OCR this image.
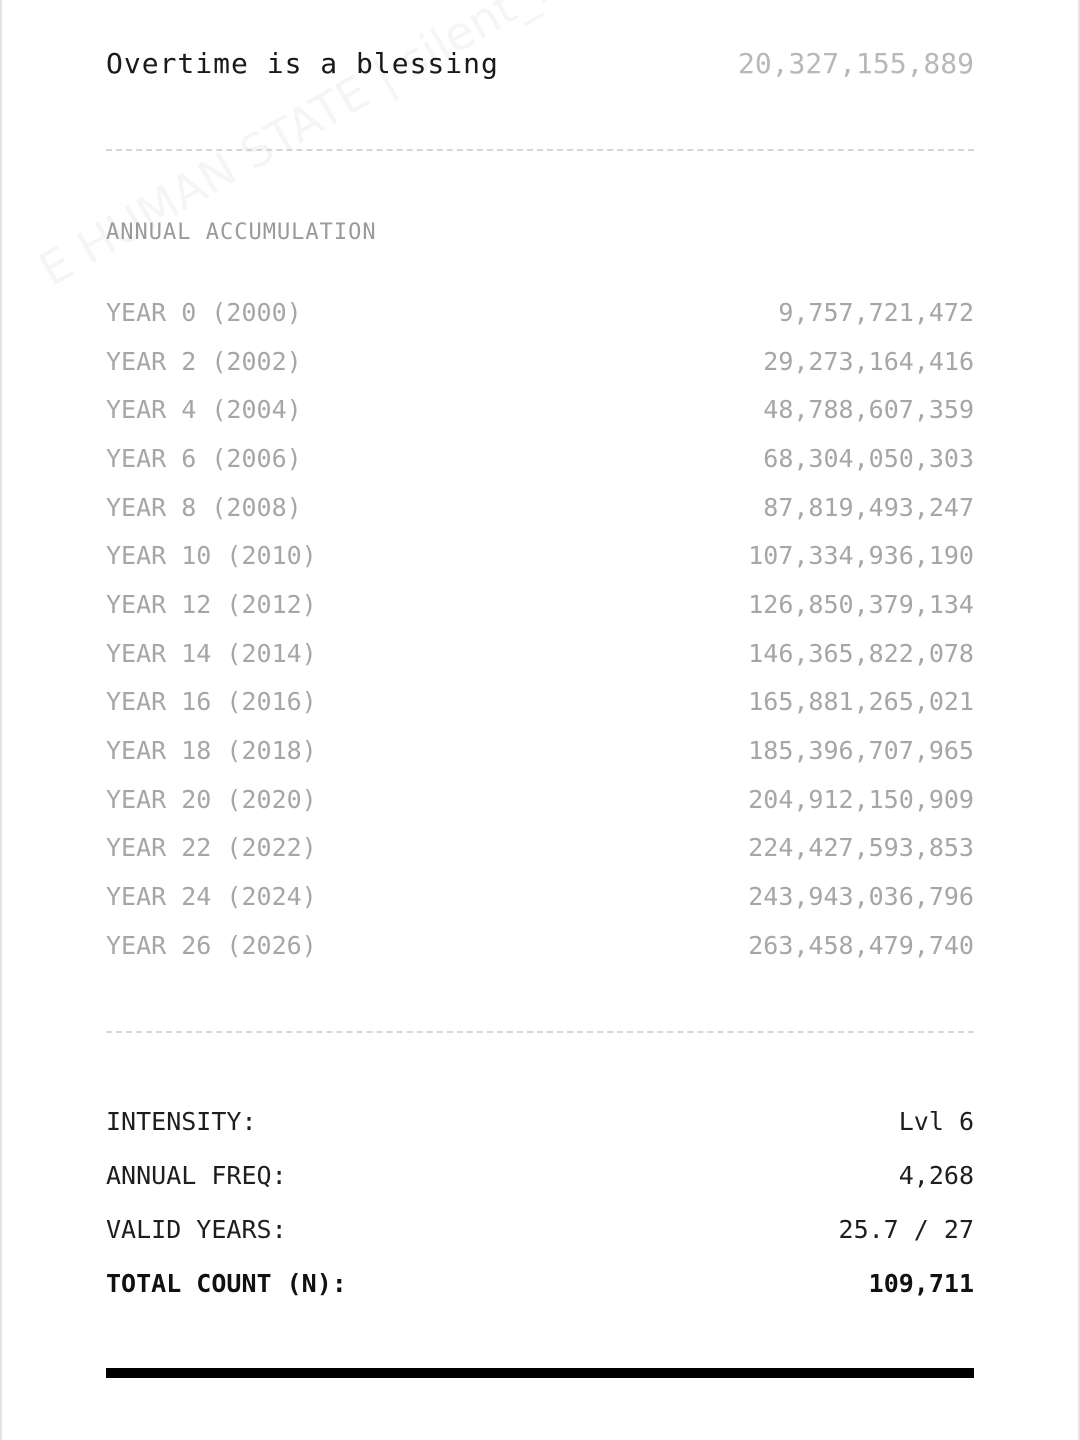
Overtime is a blessing	20,327,155,889
ANNUAL ACCUMULATION
YEAR 0 (2000)	9,757,721,472
YEAR 2 (2002)	29,273,164,416
YEAR 4 (2004)	48,788,607,359
YEAR 6 (2006)	68,304,050,303
YEAR 8 (2008)	87,819,493,247
YEAR 10 (2010)	107,334,936,190
YEAR 12 (2012)	126,850,379,134
YEAR 14 (2014)	146,365,822,078
YEAR 16 (2016)	165,881,265,021
YEAR 18 (2018)	185,396,707,965
YEAR 20 (2020)	204,912,150,909
YEAR 22 (2022)	224,427,593,853
YEAR 24 (2024)	243,943,036,796
YEAR 26 (2026)	263,458,479,740
INTENSITY:	Lvl 6
ANNUAL FREQ:	4,268
VALID YEARS:	25.7 / 27
TOTAL COUNT (N):	109,711
